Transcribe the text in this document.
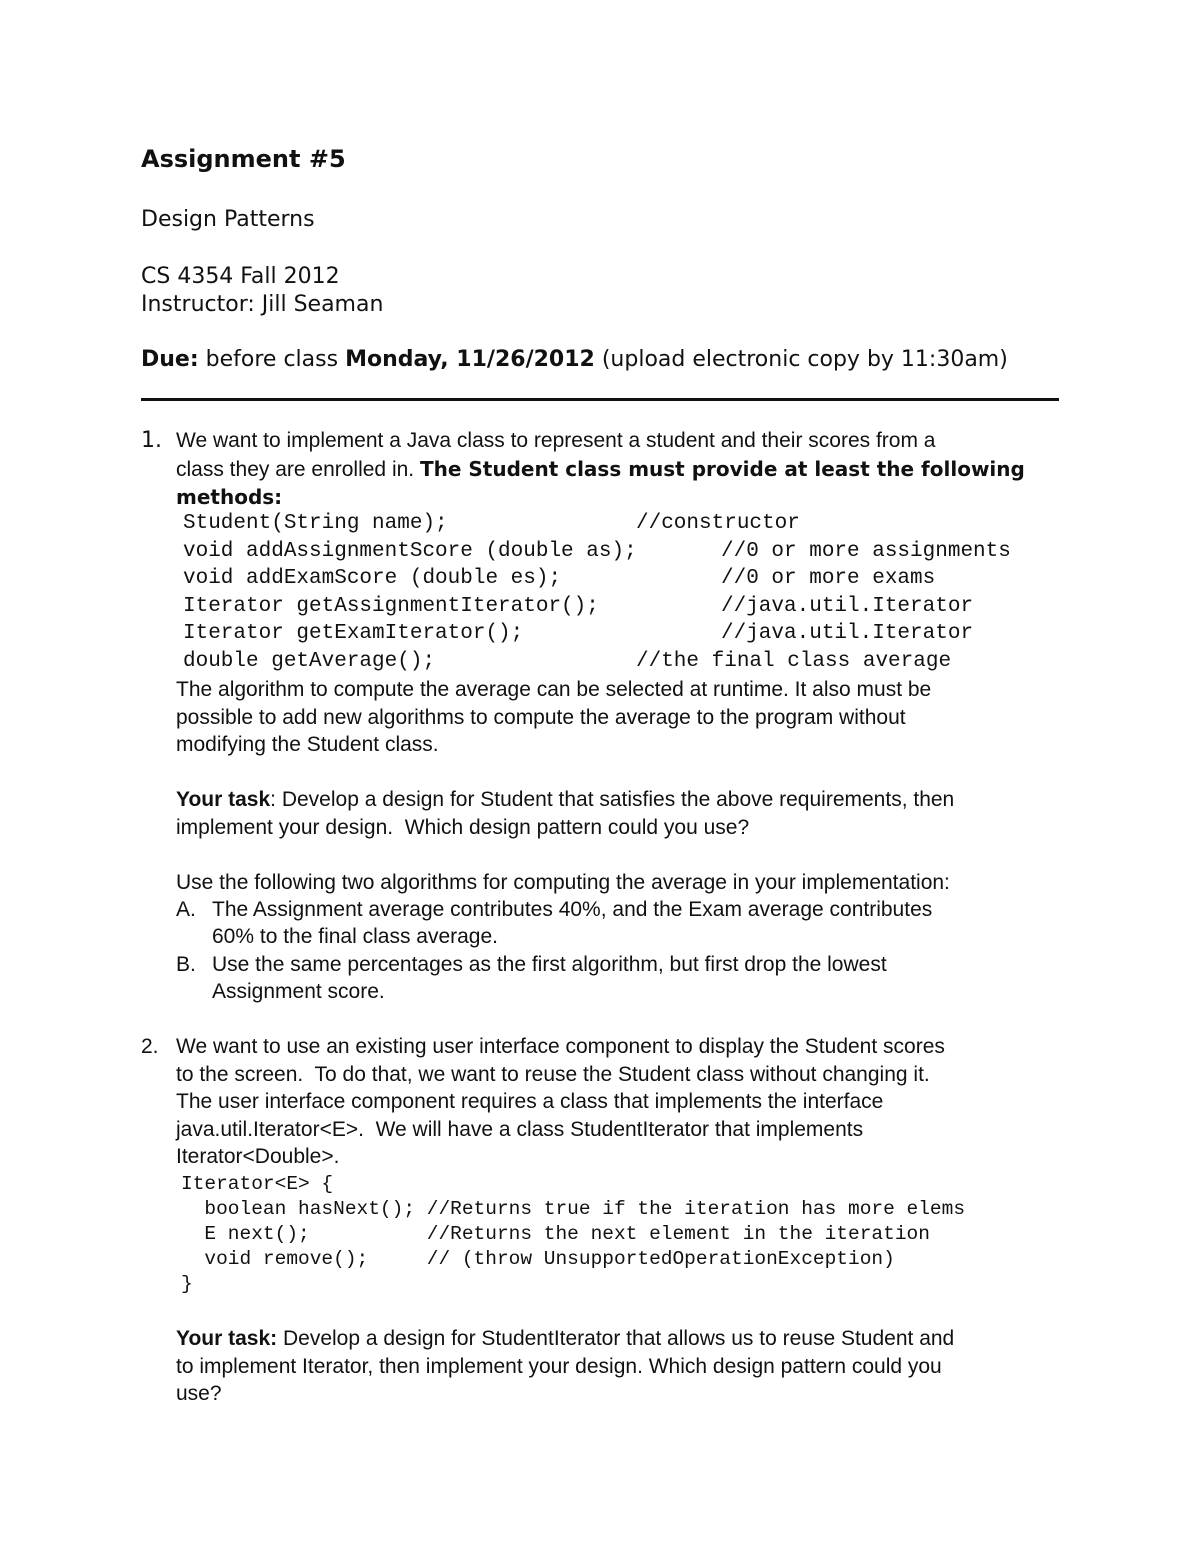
Assignment #5
Design Patterns
CS 4354 Fall 2012
Instructor: Jill Seaman
Due: before class Monday, 11/26/2012 (upload electronic copy by 11:30am)
1. We want to implement a Java class to represent a student and their scores from a
class they are enrolled in. The Student class must provide at least the following
methods:
Student(String name);	//constructor
void addAssignmentScore (double as);	//0 or more assignments
void addExamScore (double es);	//0 or more exams
Iterator getAssignmentIterator();	//java.util.Iterator
Iterator getExamIterator();	//java.util.Iterator
double getAverage();	//the final class average
The algorithm to compute the average can be selected at runtime. It also must be
possible to add new algorithms to compute the average to the program without
modifying the Student class.
Your task: Develop a design for Student that satisfies the above requirements, then
implement your design.  Which design pattern could you use?
Use the following two algorithms for computing the average in your implementation:
A. The Assignment average contributes 40%, and the Exam average contributes
60% to the final class average.
B. Use the same percentages as the first algorithm, but first drop the lowest
Assignment score.
2. We want to use an existing user interface component to display the Student scores
to the screen.  To do that, we want to reuse the Student class without changing it.
The user interface component requires a class that implements the interface
java.util.Iterator<E>.  We will have a class StudentIterator that implements
Iterator<Double>.
Iterator<E> {
boolean hasNext(); //Returns true if the iteration has more elems
E next();          //Returns the next element in the iteration
void remove();     // (throw UnsupportedOperationException)
}
Your task: Develop a design for StudentIterator that allows us to reuse Student and
to implement Iterator, then implement your design. Which design pattern could you
use?
